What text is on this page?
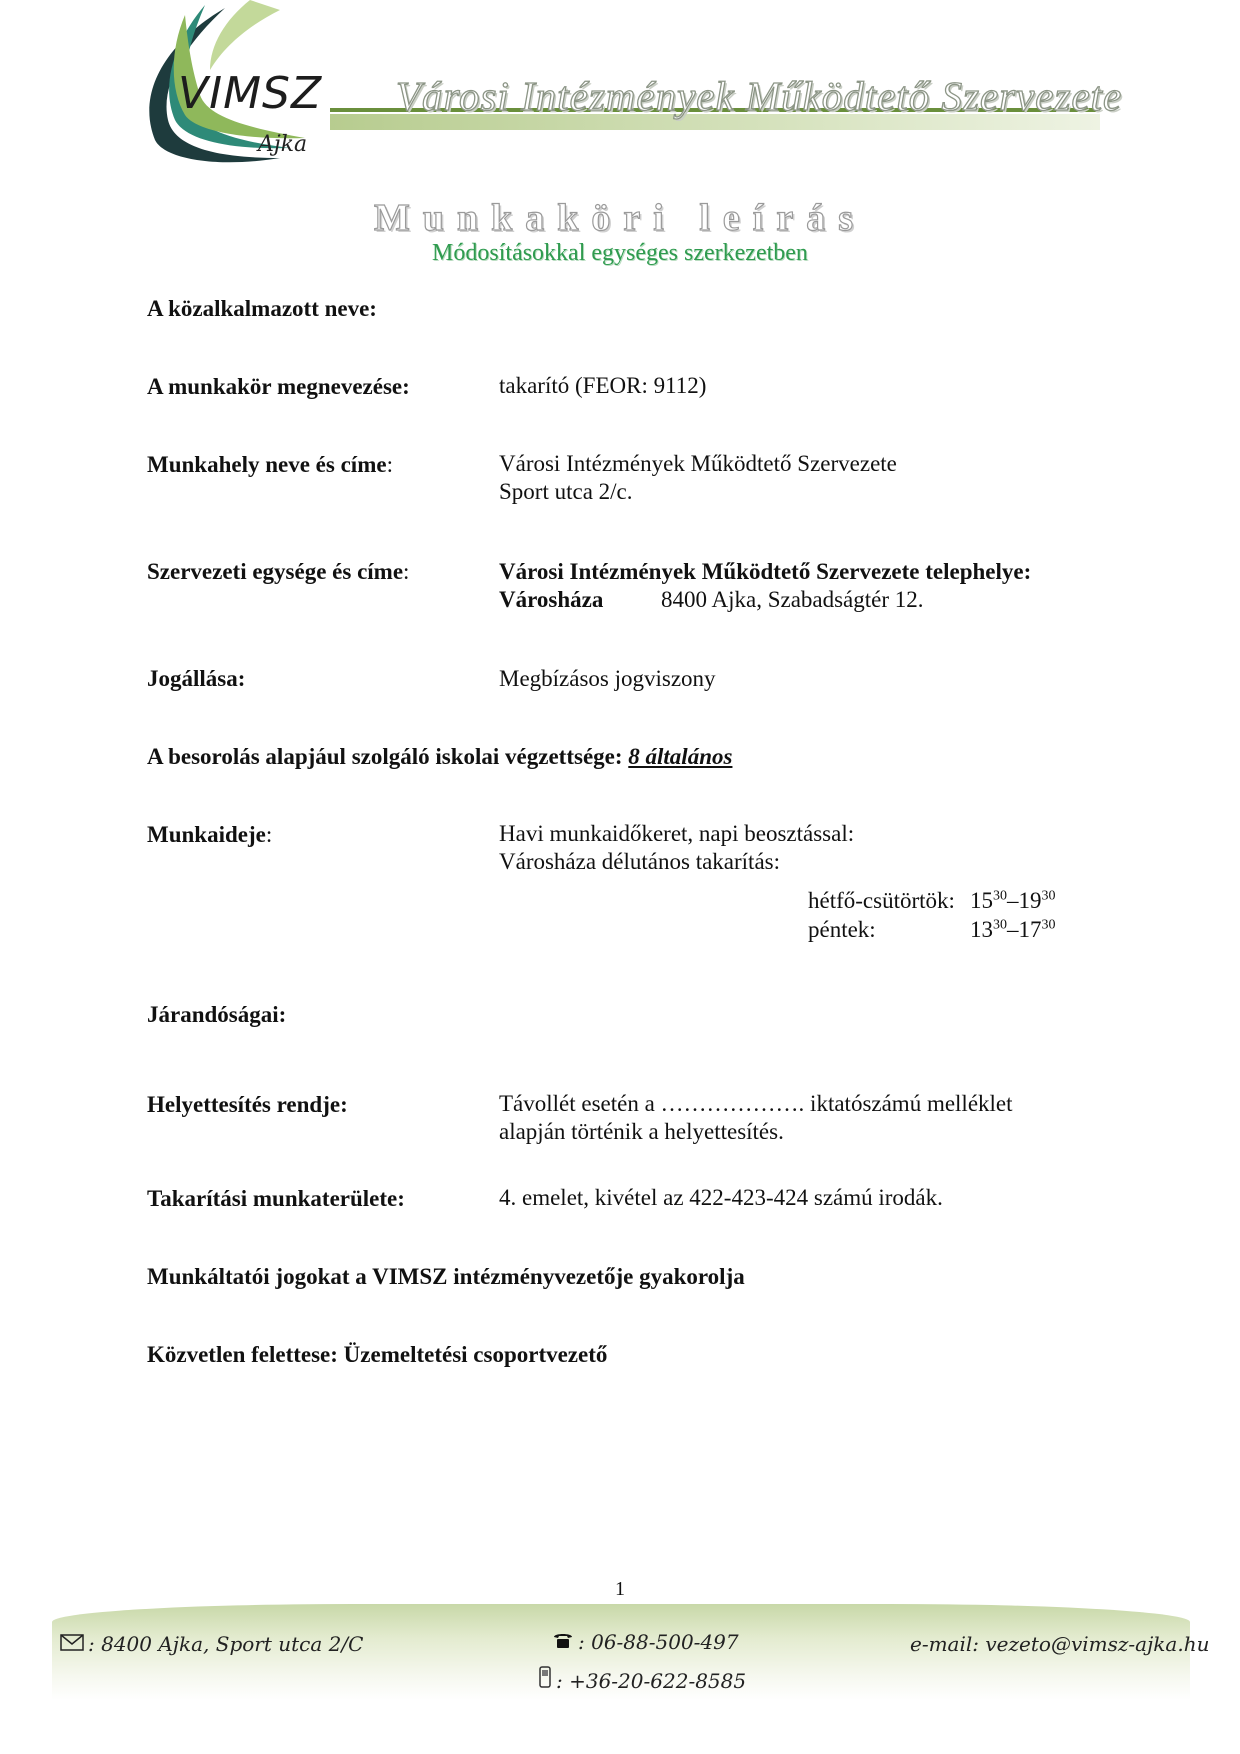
VIMSZ
Ajka
Városi Intézmények Működtető Szervezete
Munkaköri leírás
Módosításokkal egységes szerkezetben
A közalkalmazott neve:
A munkakör megnevezése:	takarító (FEOR: 9112)
Munkahely neve és címe:	Városi Intézmények Működtető Szervezete
Sport utca 2/c.
Szervezeti egysége és címe:	Városi Intézmények Működtető Szervezete telephelye:
Városháza	8400 Ajka, Szabadságtér 12.
Jogállása:	Megbízásos jogviszony
A besorolás alapjául szolgáló iskolai végzettsége: 8 általános
Munkaideje:	Havi munkaidőkeret, napi beosztással:
Városháza délutános takarítás:
hétfő-csütörtök: $15^{30}-19^{30}$
péntek:	$13^{30}-17^{30}$
Járandóságai:
Helyettesítés rendje:	Távollét esetén a ………………. iktatószámú melléklet
alapján történik a helyettesítés.
Takarítási munkaterülete:	4. emelet, kivétel az 422-423-424 számú irodák.
Munkáltatói jogokat a VIMSZ intézményvezetője gyakorolja
Közvetlen felettese: Üzemeltetési csoportvezető
1
: 8400 Ajka, Sport utca 2/C	: 06-88-500-497
: +36-20-622-8585
e-mail: vezeto@vimsz-ajka.hu
